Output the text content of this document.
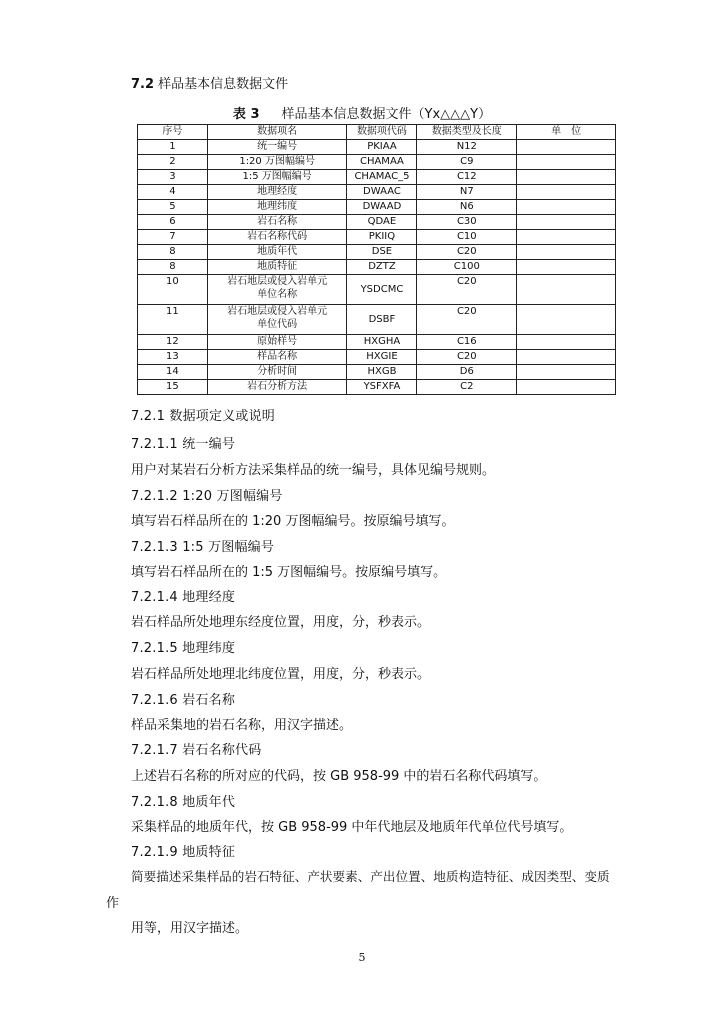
7.2 样品基本信息数据文件
表 3 样品基本信息数据文件（Yx△△△Y）
序号	数据项名	数据项代码	数据类型及长度	单　位
1	统一编号	PKIAA	N12	
2	1:20 万图幅编号	CHAMAA	C9	
3	1:5 万图幅编号	CHAMAC_5	C12	
4	地理经度	DWAAC	N7	
5	地理纬度	DWAAD	N6	
6	岩石名称	QDAE	C30	
7	岩石名称代码	PKIIQ	C10	
8	地质年代	DSE	C20	
8	地质特征	DZTZ	C100	
10	岩石地层或侵入岩单元
单位名称	YSDCMC	C20	
11	岩石地层或侵入岩单元
单位代码	DSBF	C20	
12	原始样号	HXGHA	C16	
13	样品名称	HXGIE	C20	
14	分析时间	HXGB	D6	
15	岩石分析方法	YSFXFA	C2	
7.2.1 数据项定义或说明
7.2.1.1 统一编号
用户对某岩石分析方法采集样品的统一编号，具体见编号规则。
7.2.1.2 1:20 万图幅编号
填写岩石样品所在的 1:20 万图幅编号。按原编号填写。
7.2.1.3 1:5 万图幅编号
填写岩石样品所在的 1:5 万图幅编号。按原编号填写。
7.2.1.4 地理经度
岩石样品所处地理东经度位置，用度，分，秒表示。
7.2.1.5 地理纬度
岩石样品所处地理北纬度位置，用度，分，秒表示。
7.2.1.6 岩石名称
样品采集地的岩石名称，用汉字描述。
7.2.1.7 岩石名称代码
上述岩石名称的所对应的代码，按 GB 958-99 中的岩石名称代码填写。
7.2.1.8 地质年代
采集样品的地质年代，按 GB 958-99 中年代地层及地质年代单位代号填写。
7.2.1.9 地质特征
简要描述采集样品的岩石特征、产状要素、产出位置、地质构造特征、成因类型、变质
作
用等，用汉字描述。
5
